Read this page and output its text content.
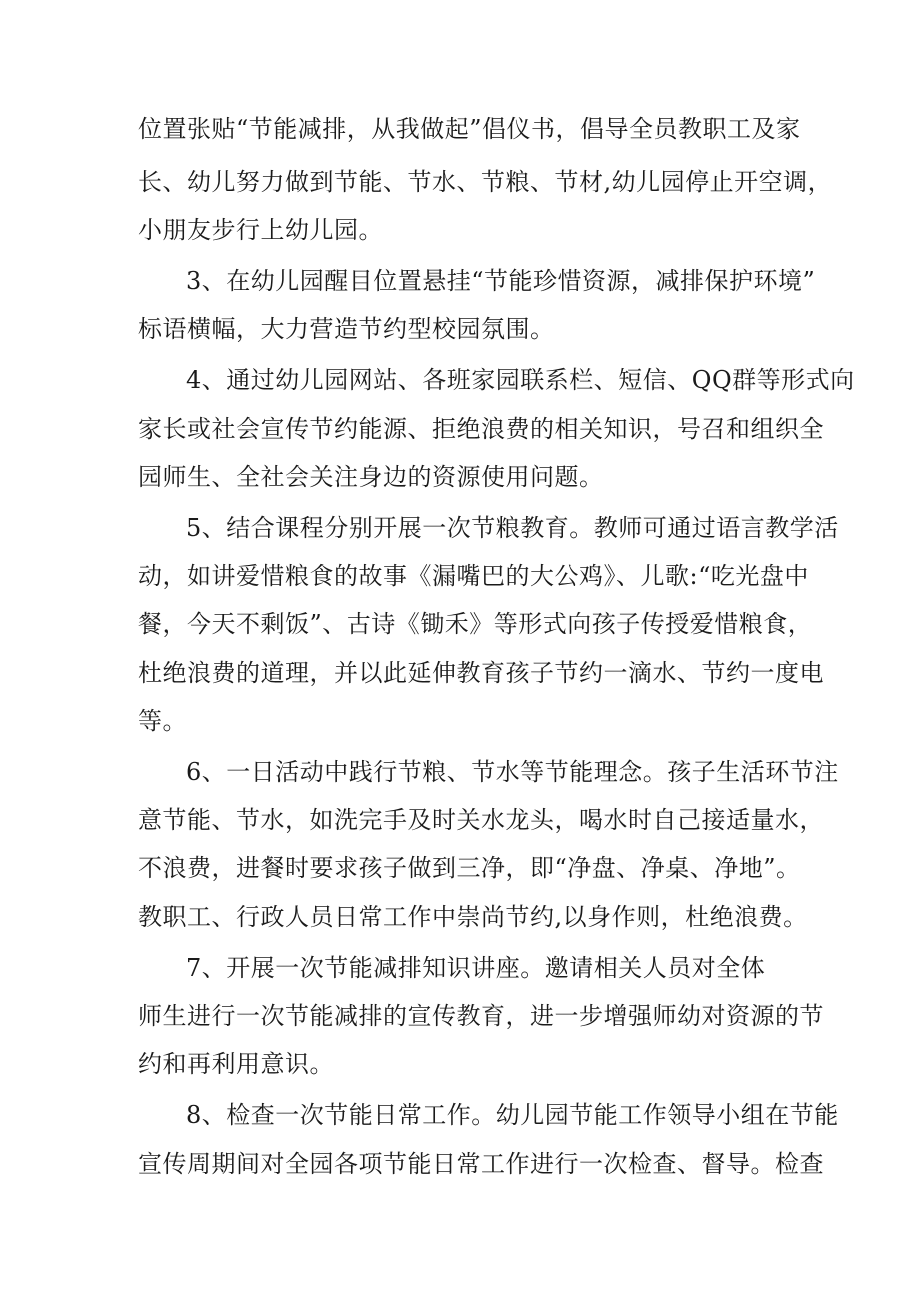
位置张贴“节能减排，从我做起”倡仪书，倡导全员教职工及家
长、幼儿努力做到节能、节水、节粮、节材,幼儿园停止开空调，
小朋友步行上幼儿园。
3、在幼儿园醒目位置悬挂“节能珍惜资源，减排保护环境”
标语横幅，大力营造节约型校园氛围。
4、通过幼儿园网站、各班家园联系栏、短信、QQ群等形式向
家长或社会宣传节约能源、拒绝浪费的相关知识，号召和组织全
园师生、全社会关注身边的资源使用问题。
5、结合课程分别开展一次节粮教育。教师可通过语言教学活
动，如讲爱惜粮食的故事《漏嘴巴的大公鸡》、儿歌:“吃光盘中
餐，今天不剩饭”、古诗《锄禾》等形式向孩子传授爱惜粮食，
杜绝浪费的道理，并以此延伸教育孩子节约一滴水、节约一度电
等。
6、一日活动中践行节粮、节水等节能理念。孩子生活环节注
意节能、节水，如洗完手及时关水龙头，喝水时自己接适量水，
不浪费，进餐时要求孩子做到三净，即“净盘、净桌、净地”。
教职工、行政人员日常工作中崇尚节约,以身作则，杜绝浪费。
7、开展一次节能减排知识讲座。邀请相关人员对全体
师生进行一次节能减排的宣传教育，进一步增强师幼对资源的节
约和再利用意识。
8、检查一次节能日常工作。幼儿园节能工作领导小组在节能
宣传周期间对全园各项节能日常工作进行一次检查、督导。检查
